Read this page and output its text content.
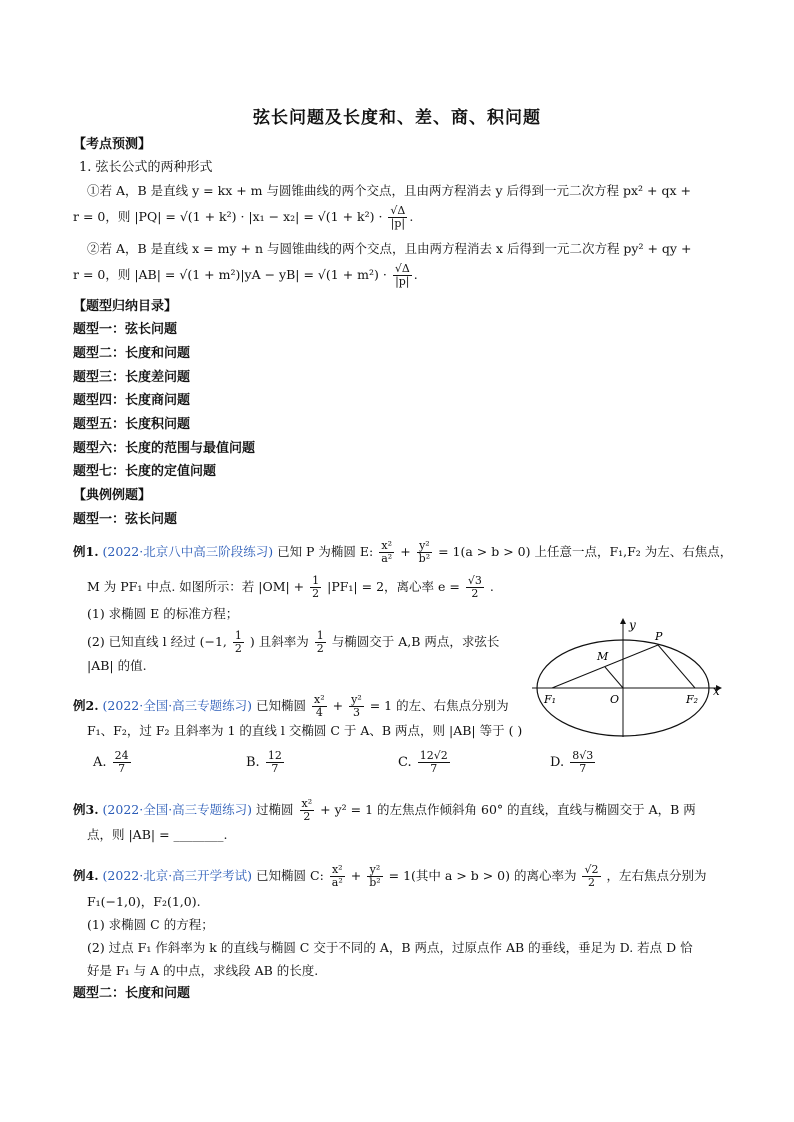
弦长问题及长度和、差、商、积问题
【考点预测】
1. 弦长公式的两种形式
①若 A，B 是直线 y = kx + m 与圆锥曲线的两个交点，且由两方程消去 y 后得到一元二次方程 px² + qx +
r = 0，则 $|PQ| = √(1 + k^2) \cdot |x_1 - x_2| = √(1 + k^2) \cdot \frac{√\Delta}{|p|}$ .
②若 A，B 是直线 x = my + n 与圆锥曲线的两个交点，且由两方程消去 x 后得到一元二次方程 py² + qy +
r = 0，则 $|AB| = √(1 + m^2)|yA - yB| = √(1 + m^2) \cdot \frac{√\Delta}{|p|}$ .
【题型归纳目录】
题型一：弦长问题
题型二：长度和问题
题型三：长度差问题
题型四：长度商问题
题型五：长度积问题
题型六：长度的范围与最值问题
题型七：长度的定值问题
【典例例题】
题型一：弦长问题
例1. (2022·北京八中高三阶段练习) 已知 P 为椭圆 E: $\frac{\text{x²}}{\text{a²}} + \frac{\text{y²}}{\text{b²}} = 1(a > b > 0)$ 上任意一点，F₁,F₂ 为左、右焦点，
M 为 PF₁ 中点. 如图所示：若 $|OM| + \frac{1}{2} |PF_1| = 2$，离心率 $e = \frac{√3}{2}$ .
(1) 求椭圆 E 的标准方程；
(2) 已知直线 l 经过 (−1, $\frac{1}{2}$ ) 且斜率为 $\frac{1}{2}$ 与椭圆交于 A,B 两点，求弦长
|AB| 的值.
y
x
P
M
O
F₁	F₂
例2. (2022·全国·高三专题练习) 已知椭圆 $\frac{\text{x²}}{4} + \frac{\text{y²}}{3} = 1$ 的左、右焦点分别为
F₁、F₂，过 F₂ 且斜率为 1 的直线 l 交椭圆 C 于 A、B 两点，则 |AB| 等于 ( )
A. $\frac{24}{7}$	B. $\frac{12}{7}$	C. $\frac{12√2}{7}$	D. $\frac{8√3}{7}$
例3. (2022·全国·高三专题练习) 过椭圆 $\frac{\text{x²}}{2} + y^2 = 1$ 的左焦点作倾斜角 60° 的直线，直线与椭圆交于 A，B 两
点，则 |AB| = ________.
例4. (2022·北京·高三开学考试) 已知椭圆 C: $\frac{\text{x²}}{\text{a²}} + \frac{\text{y²}}{\text{b²}} = 1$(其中 a > b > 0) 的离心率为 $\frac{√2}{2}$ ，左右焦点分别为
F₁(−1,0)，F₂(1,0).
(1) 求椭圆 C 的方程；
(2) 过点 F₁ 作斜率为 k 的直线与椭圆 C 交于不同的 A，B 两点，过原点作 AB 的垂线，垂足为 D. 若点 D 恰
好是 F₁ 与 A 的中点，求线段 AB 的长度.
题型二：长度和问题
